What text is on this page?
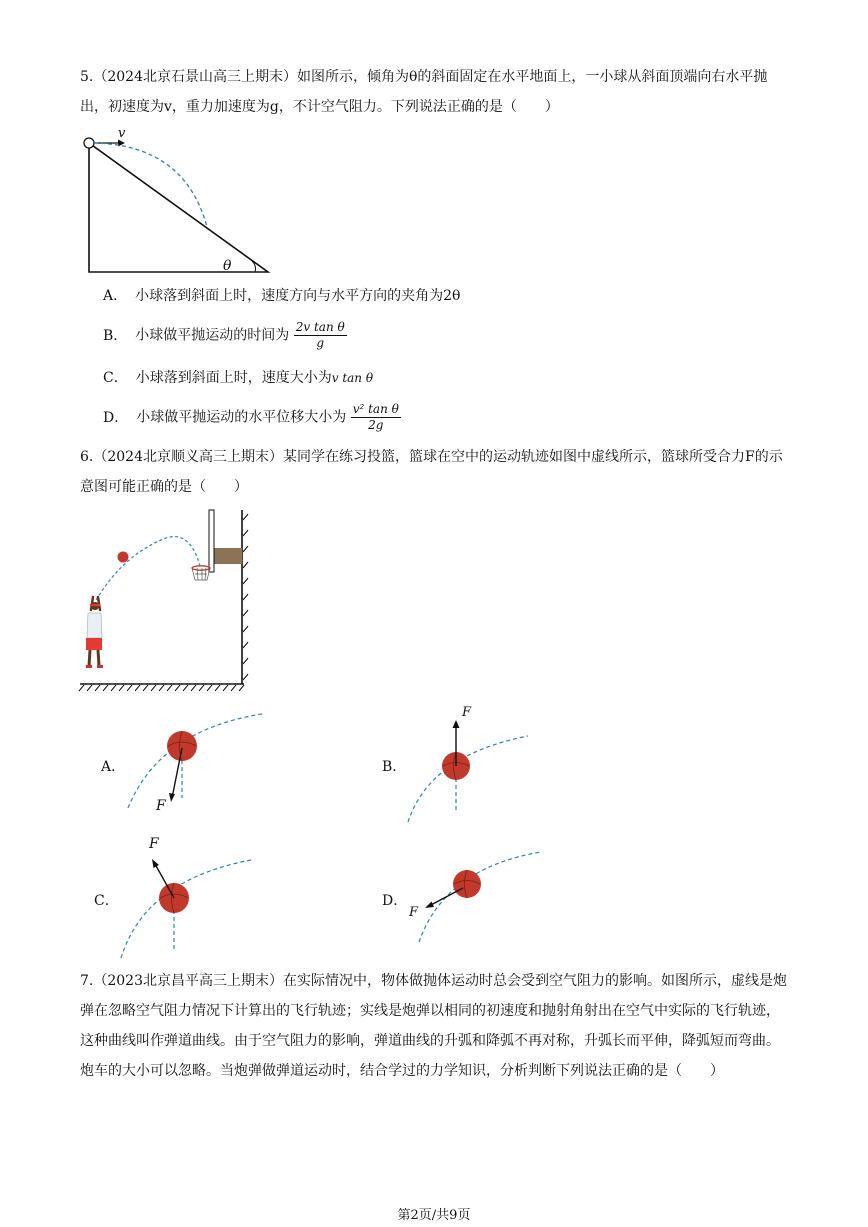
5.（2024北京石景山高三上期末）如图所示，倾角为θ的斜面固定在水平地面上，一小球从斜面顶端向右水平抛出，初速度为v，重力加速度为g，不计空气阻力。下列说法正确的是（　　）
v
θ
A． 小球落到斜面上时，速度方向与水平方向的夹角为2θ
B． 小球做平抛运动的时间为 $\frac{\text{2v tan θ}}{g}$
C． 小球落到斜面上时，速度大小为v tan θ
D． 小球做平抛运动的水平位移大小为 $\frac{\text{v² tan θ}}{2g}$
6.（2024北京顺义高三上期末）某同学在练习投篮，篮球在空中的运动轨迹如图中虚线所示，篮球所受合力F的示意图可能正确的是（　　）
A．
F
B．
F
C．
F
D．
F
7.（2023北京昌平高三上期末）在实际情况中，物体做抛体运动时总会受到空气阻力的影响。如图所示，虚线是炮弹在忽略空气阻力情况下计算出的飞行轨迹；实线是炮弹以相同的初速度和抛射角射出在空气中实际的飞行轨迹，这种曲线叫作弹道曲线。由于空气阻力的影响，弹道曲线的升弧和降弧不再对称，升弧长而平伸，降弧短而弯曲。炮车的大小可以忽略。当炮弹做弹道运动时，结合学过的力学知识，分析判断下列说法正确的是（　　）
第2页/共9页
